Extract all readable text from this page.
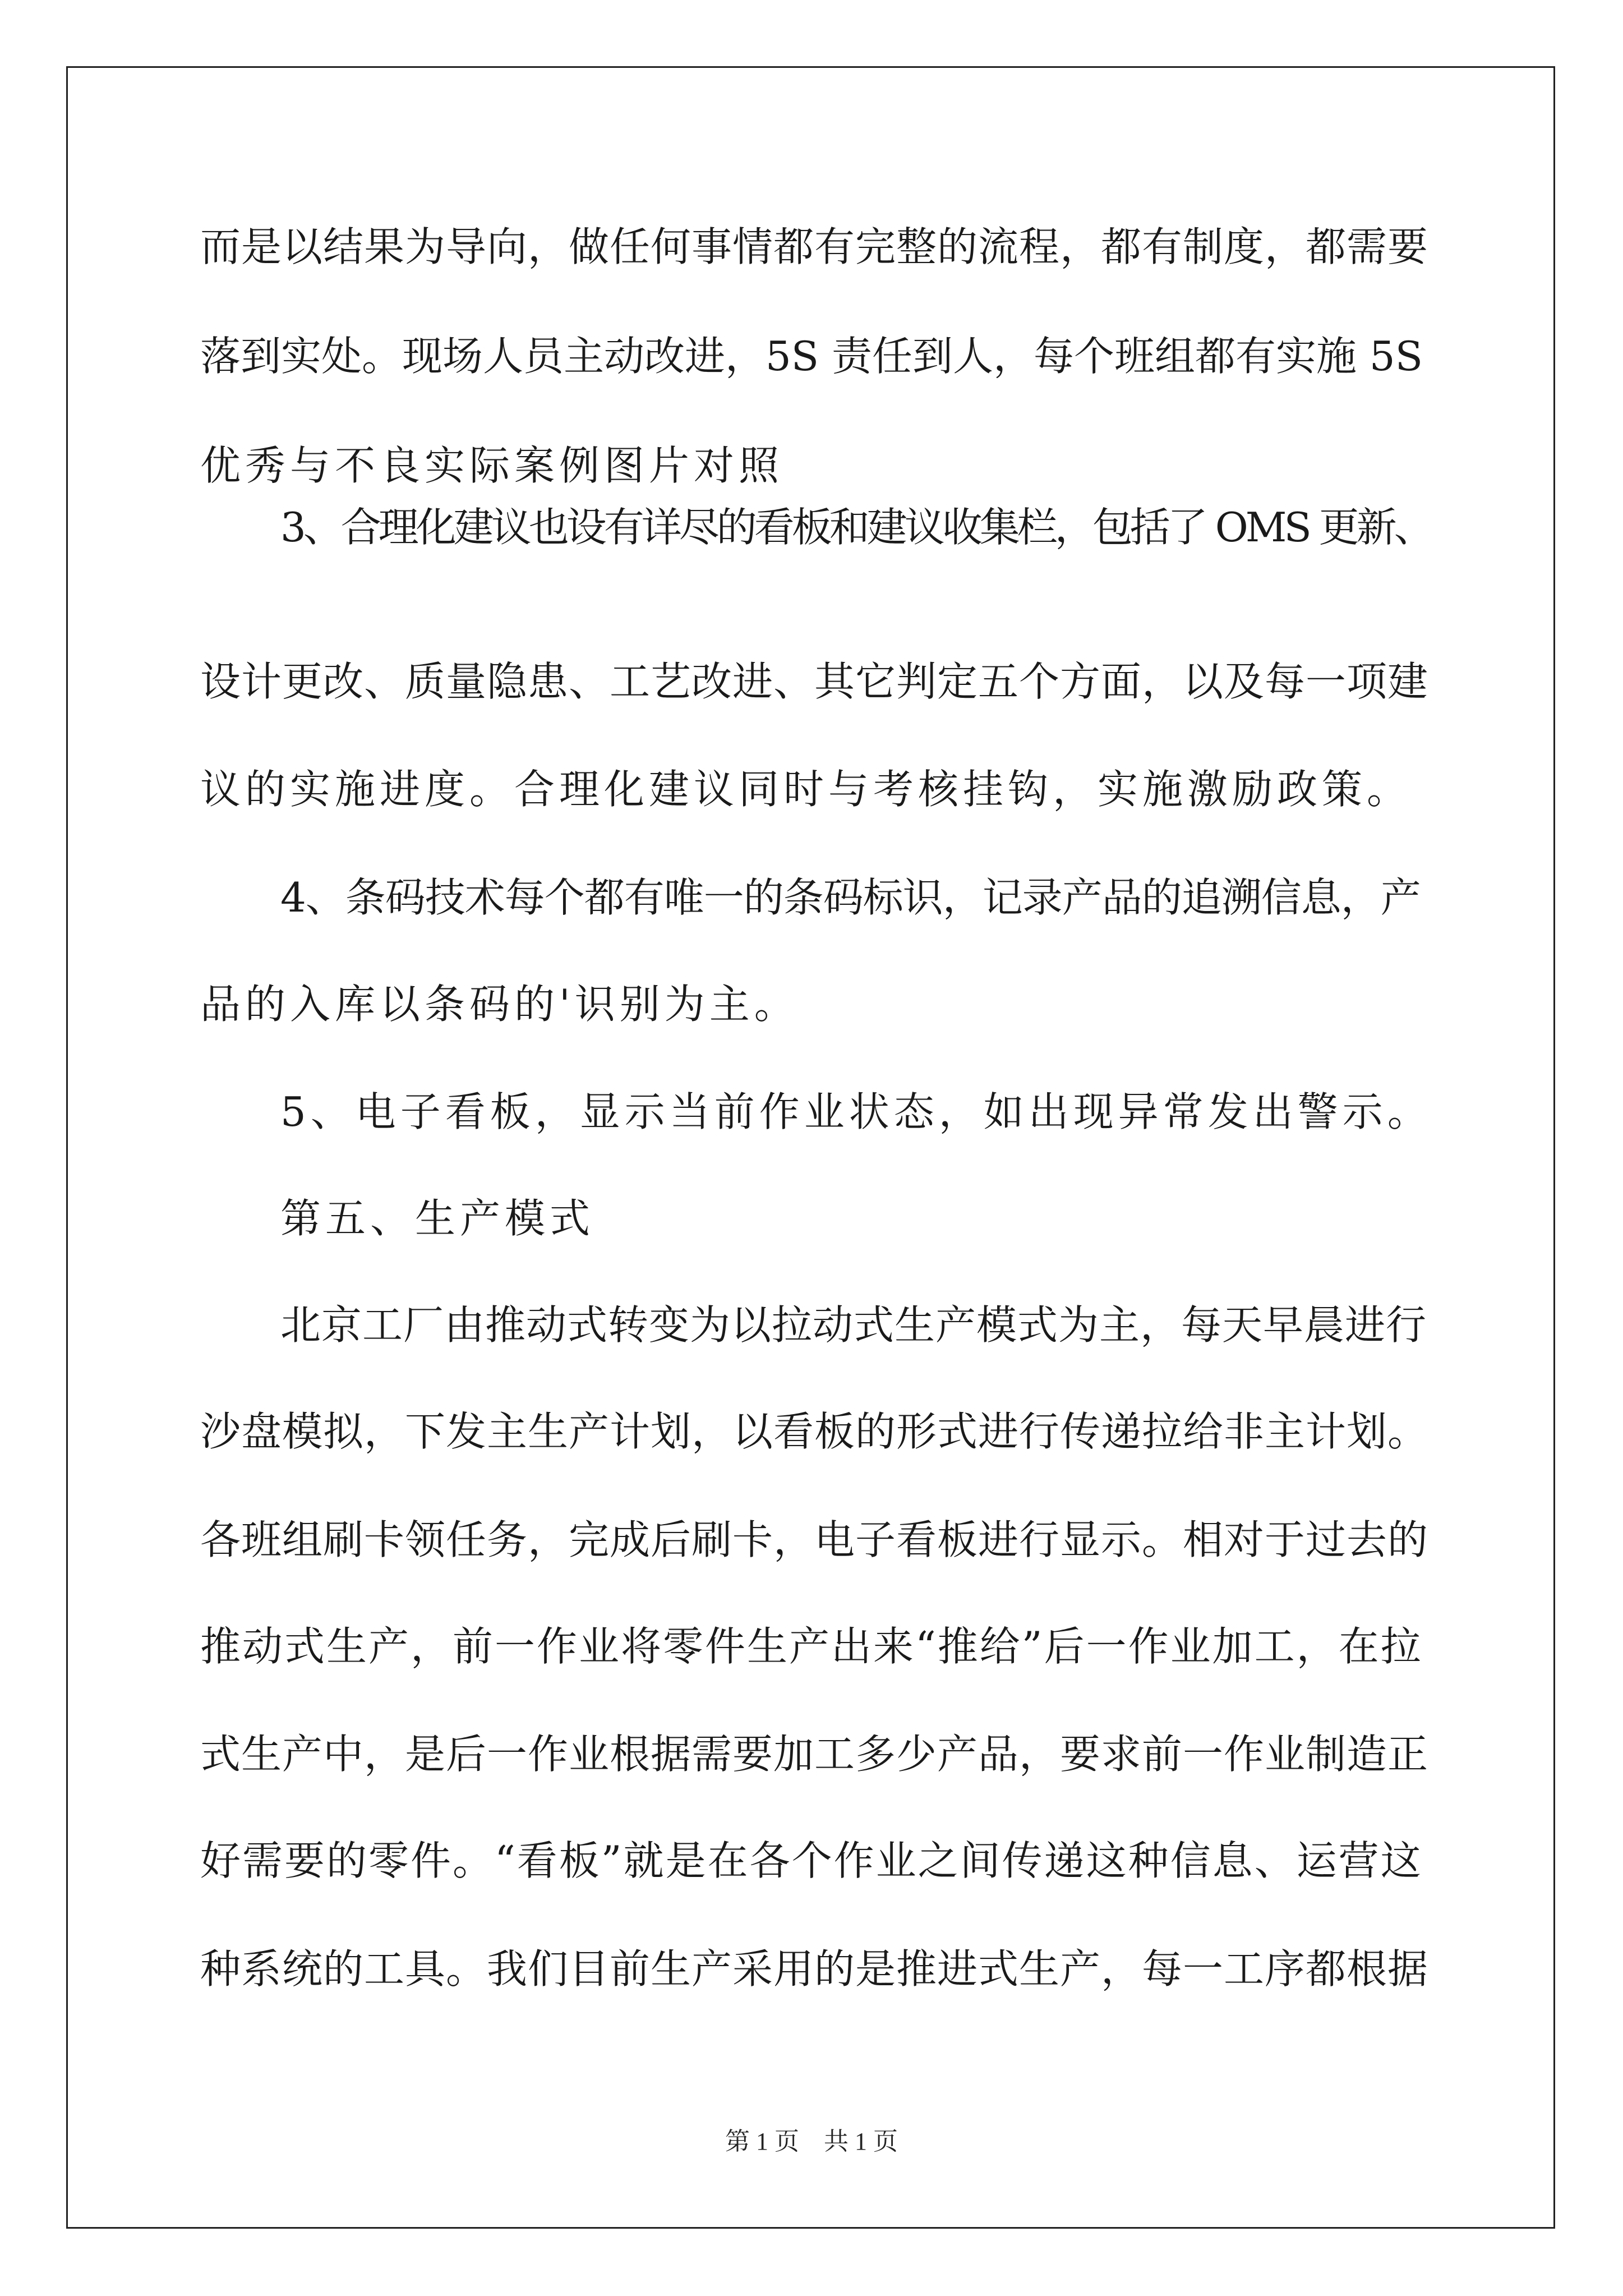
而是以结果为导向，做任何事情都有完整的流程，都有制度，都需要
落到实处。现场人员主动改进，5S 责任到人，每个班组都有实施 5S
优秀与不良实际案例图片对照
3、合理化建议也设有详尽的看板和建议收集栏，包括了 OMS 更新、
设计更改、质量隐患、工艺改进、其它判定五个方面，以及每一项建
议的实施进度。合理化建议同时与考核挂钩，实施激励政策。
4、条码技术每个都有唯一的条码标识，记录产品的追溯信息，产
品的入库以条码的'识别为主。
5、电子看板，显示当前作业状态，如出现异常发出警示。
第五、生产模式
北京工厂由推动式转变为以拉动式生产模式为主，每天早晨进行
沙盘模拟，下发主生产计划，以看板的形式进行传递拉给非主计划。
各班组刷卡领任务，完成后刷卡，电子看板进行显示。相对于过去的
推动式生产，前一作业将零件生产出来“推给”后一作业加工，在拉
式生产中，是后一作业根据需要加工多少产品，要求前一作业制造正
好需要的零件。“看板”就是在各个作业之间传递这种信息、运营这
种系统的工具。我们目前生产采用的是推进式生产，每一工序都根据
第 1 页　共 1 页
